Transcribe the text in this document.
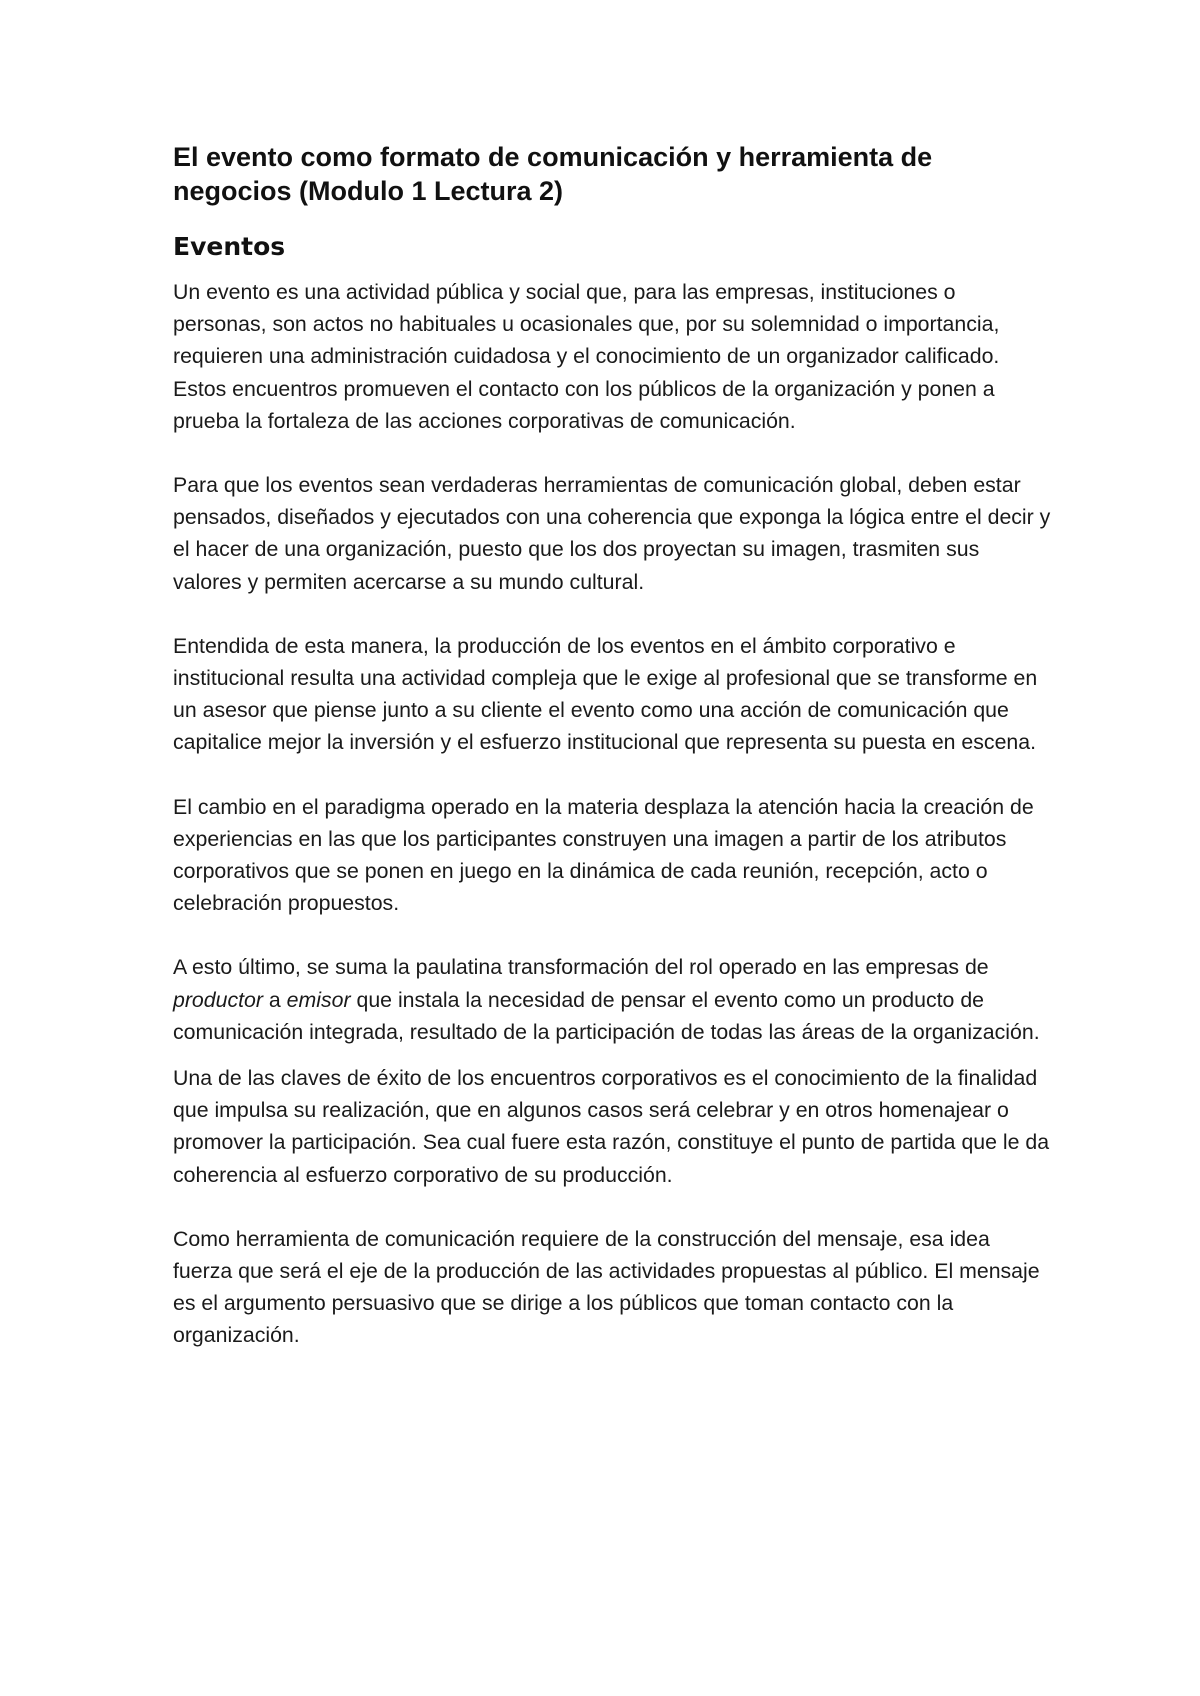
El evento como formato de comunicación y herramienta de negocios (Modulo 1 Lectura 2)
Eventos

Un evento es una actividad pública y social que, para las empresas, instituciones o personas, son actos no habituales u ocasionales que, por su solemnidad o importancia, requieren una administración cuidadosa y el conocimiento de un organizador calificado. Estos encuentros promueven el contacto con los públicos de la organización y ponen a prueba la fortaleza de las acciones corporativas de comunicación.

Para que los eventos sean verdaderas herramientas de comunicación global, deben estar pensados, diseñados y ejecutados con una coherencia que exponga la lógica entre el decir y el hacer de una organización, puesto que los dos proyectan su imagen, trasmiten sus valores y permiten acercarse a su mundo cultural.

Entendida de esta manera, la producción de los eventos en el ámbito corporativo e institucional resulta una actividad compleja que le exige al profesional que se transforme en un asesor que piense junto a su cliente el evento como una acción de comunicación que capitalice mejor la inversión y el esfuerzo institucional que representa su puesta en escena.

El cambio en el paradigma operado en la materia desplaza la atención hacia la creación de experiencias en las que los participantes construyen una imagen a partir de los atributos corporativos que se ponen en juego en la dinámica de cada reunión, recepción, acto o celebración propuestos.

A esto último, se suma la paulatina transformación del rol operado en las empresas de productor a emisor que instala la necesidad de pensar el evento como un producto de comunicación integrada, resultado de la participación de todas las áreas de la organización.

Una de las claves de éxito de los encuentros corporativos es el conocimiento de la finalidad que impulsa su realización, que en algunos casos será celebrar y en otros homenajear o promover la participación. Sea cual fuere esta razón, constituye el punto de partida que le da coherencia al esfuerzo corporativo de su producción.

Como herramienta de comunicación requiere de la construcción del mensaje, esa idea fuerza que será el eje de la producción de las actividades propuestas al público. El mensaje es el argumento persuasivo que se dirige a los públicos que toman contacto con la organización.
